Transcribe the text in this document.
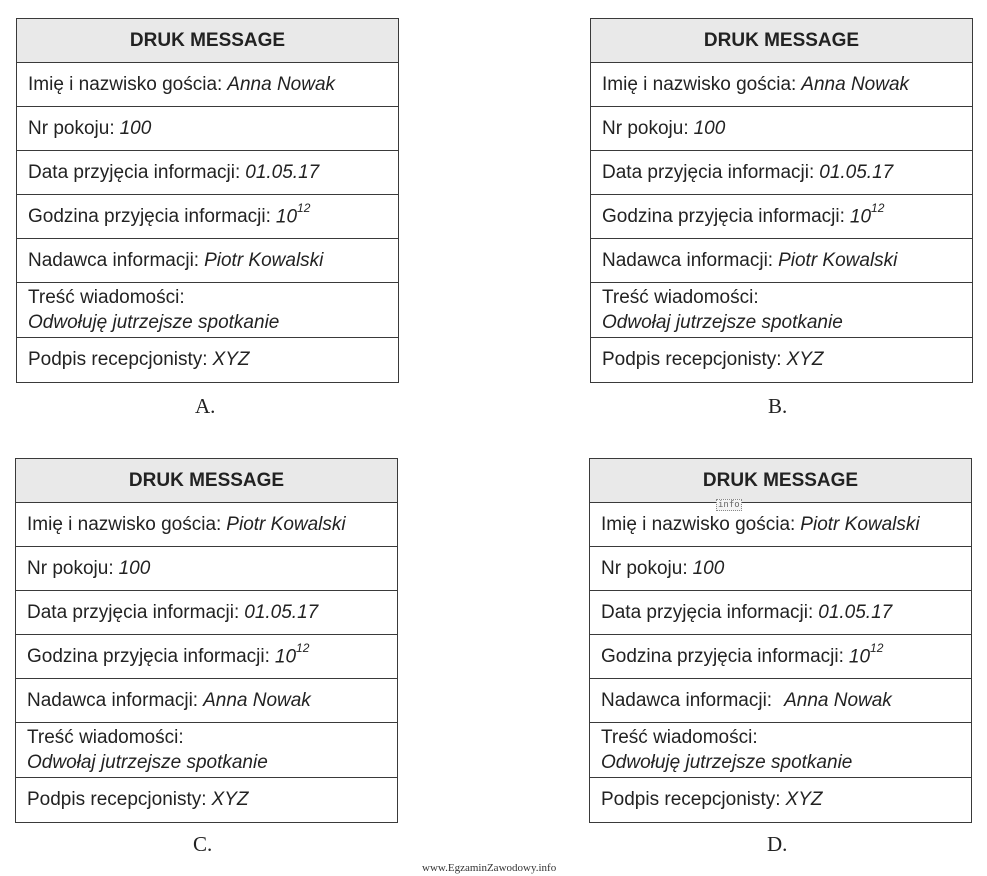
DRUK MESSAGE
Imię i nazwisko gościa: Anna Nowak
Nr pokoju: 100
Data przyjęcia informacji: 01.05.17
Godzina przyjęcia informacji: $10^{12}$
Nadawca informacji: Piotr Kowalski
Treść wiadomości:
Odwołuję jutrzejsze spotkanie
Podpis recepcjonisty: XYZ
A.
DRUK MESSAGE
Imię i nazwisko gościa: Anna Nowak
Nr pokoju: 100
Data przyjęcia informacji: 01.05.17
Godzina przyjęcia informacji: $10^{12}$
Nadawca informacji: Piotr Kowalski
Treść wiadomości:
Odwołaj jutrzejsze spotkanie
Podpis recepcjonisty: XYZ
B.
DRUK MESSAGE
Imię i nazwisko gościa: Piotr Kowalski
Nr pokoju: 100
Data przyjęcia informacji: 01.05.17
Godzina przyjęcia informacji: $10^{12}$
Nadawca informacji: Anna Nowak
Treść wiadomości:
Odwołaj jutrzejsze spotkanie
Podpis recepcjonisty: XYZ
C.
DRUK MESSAGE
Imię i nazwisko gościa: Piotr Kowalski
Nr pokoju: 100
Data przyjęcia informacji: 01.05.17
Godzina przyjęcia informacji: $10^{12}$
Nadawca informacji: Anna Nowak
Treść wiadomości:
Odwołuję jutrzejsze spotkanie
Podpis recepcjonisty: XYZ
D.
info
www.EgzaminZawodowy.info
